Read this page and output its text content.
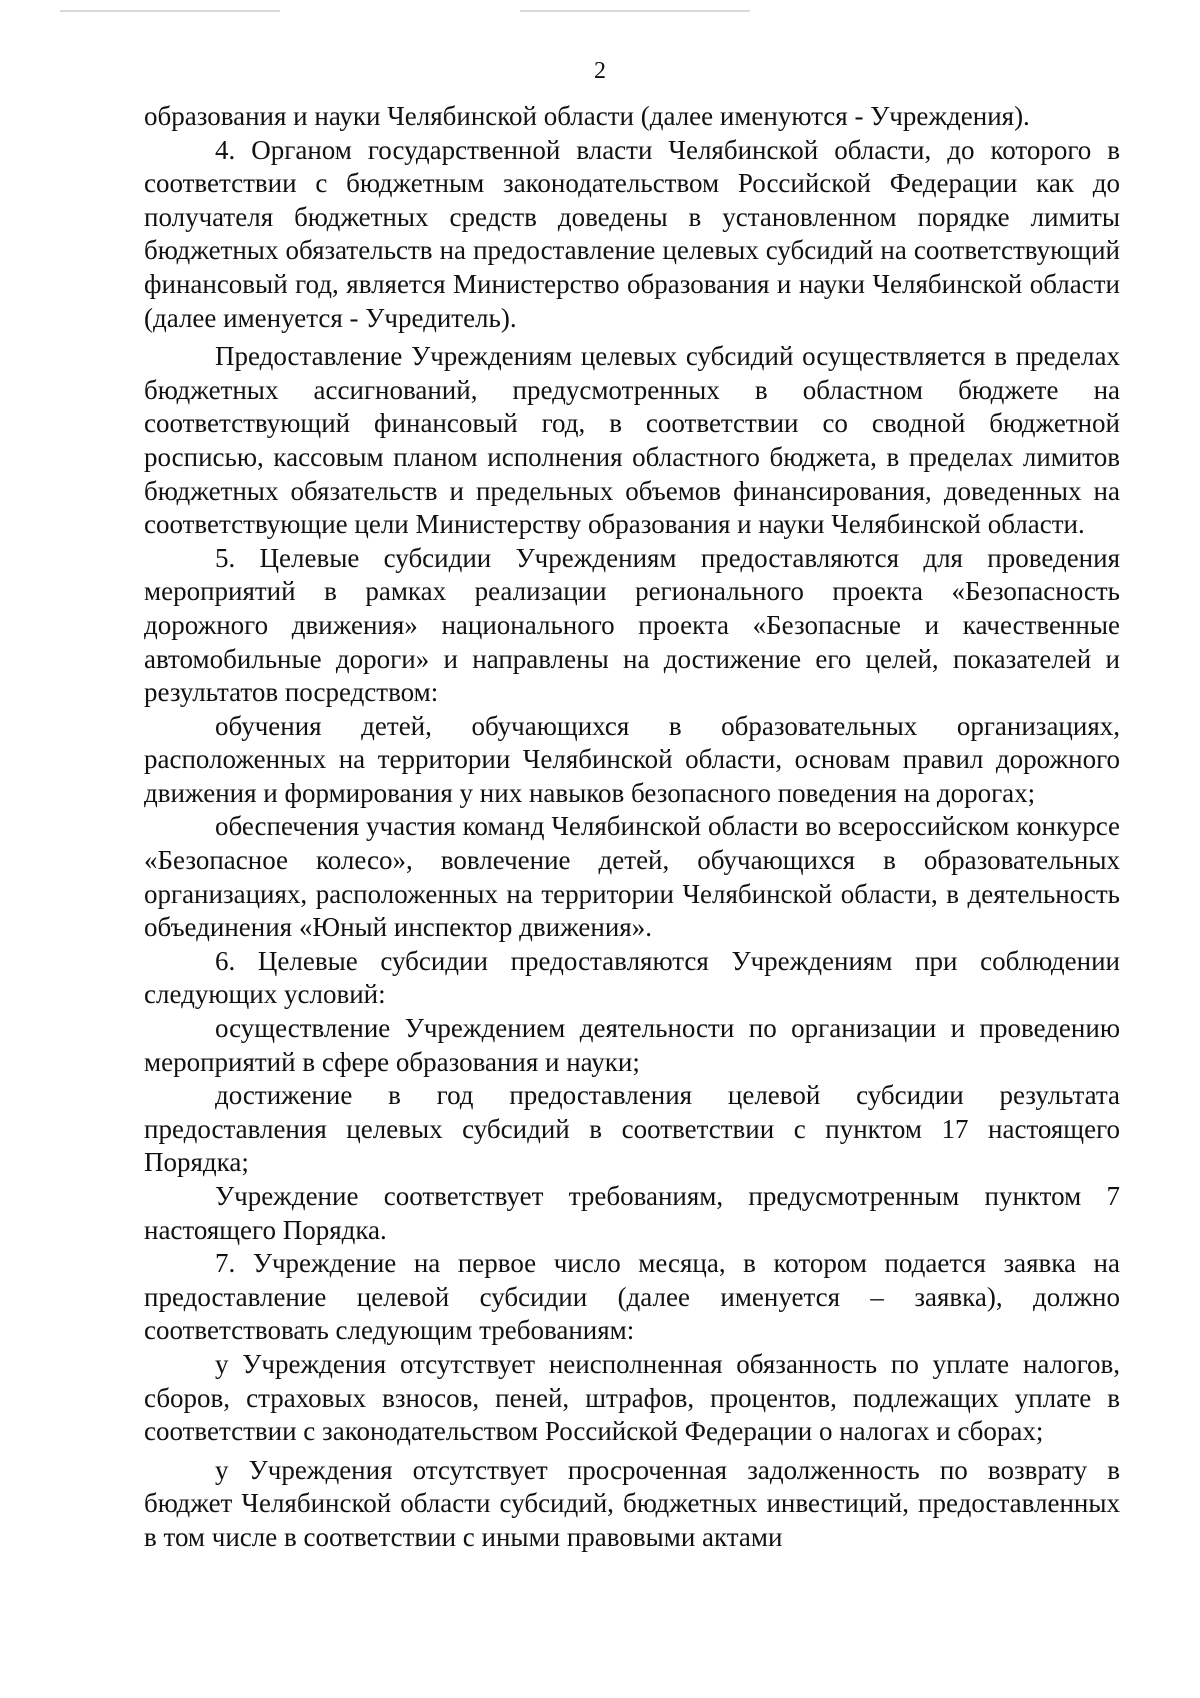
2

образования и науки Челябинской области (далее именуются - Учреждения).

4. Органом государственной власти Челябинской области, до которого в соответствии с бюджетным законодательством Российской Федерации как до получателя бюджетных средств доведены в установленном порядке лимиты бюджетных обязательств на предоставление целевых субсидий на соответствующий финансовый год, является Министерство образования и науки Челябинской области (далее именуется - Учредитель).

Предоставление Учреждениям целевых субсидий осуществляется в пределах бюджетных ассигнований, предусмотренных в областном бюджете на соответствующий финансовый год, в соответствии со сводной бюджетной росписью, кассовым планом исполнения областного бюджета, в пределах лимитов бюджетных обязательств и предельных объемов финансирования, доведенных на соответствующие цели Министерству образования и науки Челябинской области.

5. Целевые субсидии Учреждениям предоставляются для проведения мероприятий в рамках реализации регионального проекта «Безопасность дорожного движения» национального проекта «Безопасные и качественные автомобильные дороги» и направлены на достижение его целей, показателей и результатов посредством:

обучения детей, обучающихся в образовательных организациях, расположенных на территории Челябинской области, основам правил дорожного движения и формирования у них навыков безопасного поведения на дорогах;

обеспечения участия команд Челябинской области во всероссийском конкурсе «Безопасное колесо», вовлечение детей, обучающихся в образовательных организациях, расположенных на территории Челябинской области, в деятельность объединения «Юный инспектор движения».

6. Целевые субсидии предоставляются Учреждениям при соблюдении следующих условий:

осуществление Учреждением деятельности по организации и проведению мероприятий в сфере образования и науки;

достижение в год предоставления целевой субсидии результата предоставления целевых субсидий в соответствии с пунктом 17 настоящего Порядка;

Учреждение соответствует требованиям, предусмотренным пунктом 7 настоящего Порядка.

7. Учреждение на первое число месяца, в котором подается заявка на предоставление целевой субсидии (далее именуется – заявка), должно соответствовать следующим требованиям:

у Учреждения отсутствует неисполненная обязанность по уплате налогов, сборов, страховых взносов, пеней, штрафов, процентов, подлежащих уплате в соответствии с законодательством Российской Федерации о налогах и сборах;

у Учреждения отсутствует просроченная задолженность по возврату в бюджет Челябинской области субсидий, бюджетных инвестиций, предоставленных в том числе в соответствии с иными правовыми актами
